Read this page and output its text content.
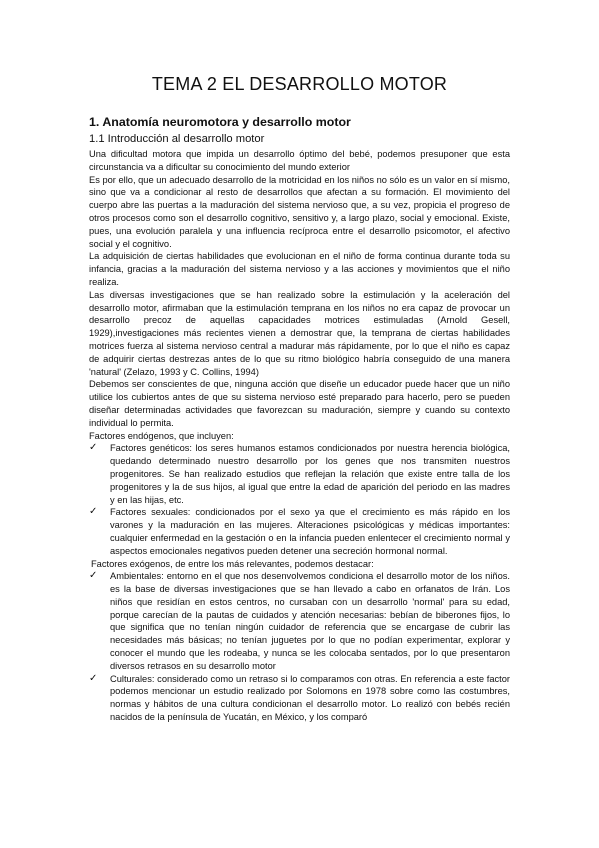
TEMA 2 EL DESARROLLO MOTOR
1. Anatomía neuromotora y desarrollo motor
1.1 Introducción al desarrollo motor

Una dificultad motora que impida un desarrollo óptimo del bebé, podemos presuponer que esta circunstancia va a dificultar su conocimiento del mundo exterior

Es por ello, que un adecuado desarrollo de la motricidad en los niños no sólo es un valor en sí mismo, sino que va a condicionar al resto de desarrollos que afectan a su formación. El movimiento del cuerpo abre las puertas a la maduración del sistema nervioso que, a su vez, propicia el progreso de otros procesos como son el desarrollo cognitivo, sensitivo y, a largo plazo, social y emocional. Existe, pues, una evolución paralela y una influencia recíproca entre el desarrollo psicomotor, el afectivo social y el cognitivo.

La adquisición de ciertas habilidades que evolucionan en el niño de forma continua durante toda su infancia, gracias a la maduración del sistema nervioso y a las acciones y movimientos que el niño realiza.

Las diversas investigaciones que se han realizado sobre la estimulación y la aceleración del desarrollo motor, afirmaban que la estimulación temprana en los niños no era capaz de provocar un desarrollo precoz de aquellas capacidades motrices estimuladas (Arnold Gesell, 1929),investigaciones más recientes vienen a demostrar que, la temprana de ciertas habilidades motrices fuerza al sistema nervioso central a madurar más rápidamente, por lo que el niño es capaz de adquirir ciertas destrezas antes de lo que su ritmo biológico habría conseguido de una manera 'natural' (Zelazo, 1993 y C. Collins, 1994)

Debemos ser conscientes de que, ninguna acción que diseñe un educador puede hacer que un niño utilice los cubiertos antes de que su sistema nervioso esté preparado para hacerlo, pero se pueden diseñar determinadas actividades que favorezcan su maduración, siempre y cuando su contexto individual lo permita.

Factores endógenos, que incluyen:

✓ Factores genéticos: los seres humanos estamos condicionados por nuestra herencia biológica, quedando determinado nuestro desarrollo por los genes que nos transmiten nuestros progenitores. Se han realizado estudios que reflejan la relación que existe entre talla de los progenitores y la de sus hijos, al igual que entre la edad de aparición del periodo en las madres y en las hijas, etc.

✓ Factores sexuales: condicionados por el sexo ya que el crecimiento es más rápido en los varones y la maduración en las mujeres. Alteraciones psicológicas y médicas importantes: cualquier enfermedad en la gestación o en la infancia pueden enlentecer el crecimiento normal y aspectos emocionales negativos pueden detener una secreción hormonal normal.

Factores exógenos, de entre los más relevantes, podemos destacar:

✓ Ambientales: entorno en el que nos desenvolvemos condiciona el desarrollo motor de los niños. es la base de diversas investigaciones que se han llevado a cabo en orfanatos de Irán. Los niños que residían en estos centros, no cursaban con un desarrollo 'normal' para su edad, porque carecían de la pautas de cuidados y atención necesarias: bebían de biberones fijos, lo que significa que no tenían ningún cuidador de referencia que se encargase de cubrir las necesidades más básicas; no tenían juguetes por lo que no podían experimentar, explorar y conocer el mundo que les rodeaba, y nunca se les colocaba sentados, por lo que presentaron diversos retrasos en su desarrollo motor

✓ Culturales: considerado como un retraso si lo comparamos con otras. En referencia a este factor podemos mencionar un estudio realizado por Solomons en 1978 sobre como las costumbres, normas y hábitos de una cultura condicionan el desarrollo motor. Lo realizó con bebés recién nacidos de la península de Yucatán, en México, y los comparó
